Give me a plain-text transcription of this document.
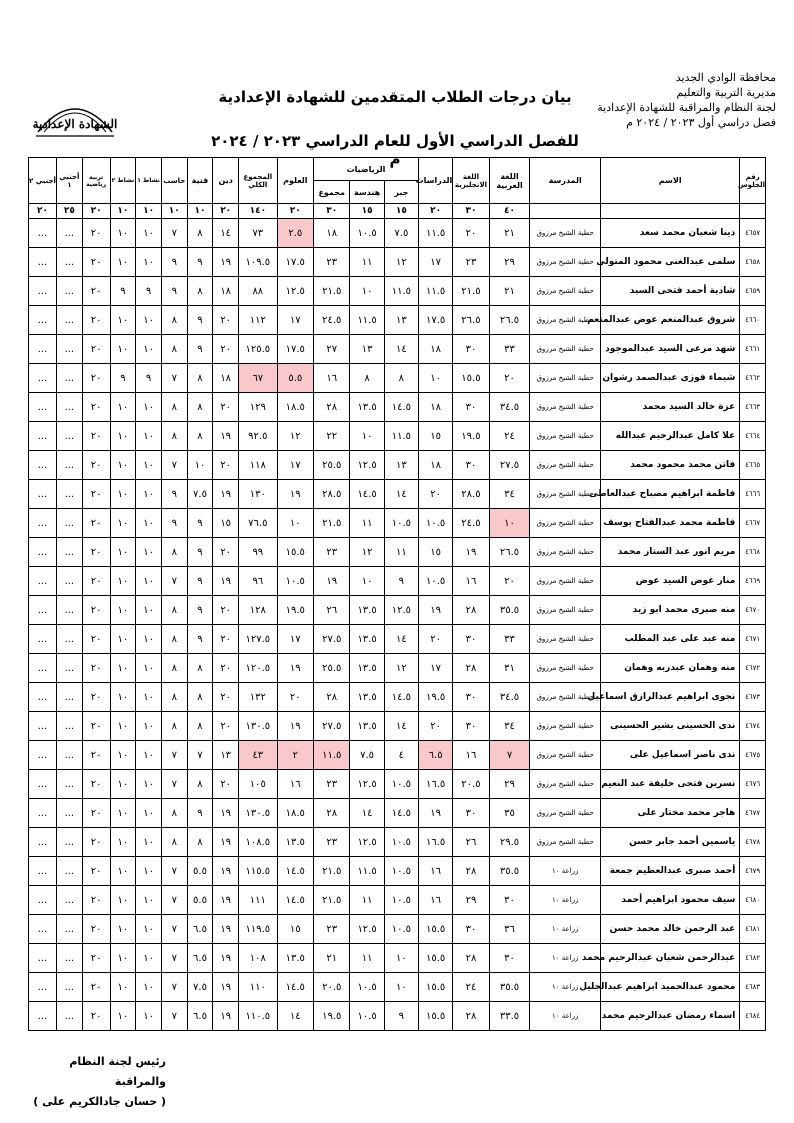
محافظة الوادي الجديد
مديرية التربية والتعليم
لجنة النظام والمراقبة للشهادة الإعدادية
فصل دراسي أول ٢٠٢٣ / ٢٠٢٤ م
بيان درجات الطلاب المتقدمين للشهادة الإعدادية
للفصل الدراسي الأول للعام الدراسي ٢٠٢٣ / ٢٠٢٤ م
الشهادة الإعدادية
رقم الجلوس	الاسم	المدرسة	اللغة العربية	اللغة الانجليزية	الدراسات	الرياضيات			العلوم	المجموع الكلي	دين	فنية	حاسب	نشاط ١	نشاط ٢	تربية رياضية	أجنبي ١	أجنبي ٢
						جبر	هندسة	مجموع										
			٤٠	٣٠	٢٠	١٥	١٥	٣٠	٢٠	١٤٠	٢٠	١٠	١٠	١٠	١٠	٢٠	٢٥	٢٠
٤٦٥٧	دينا شعبان محمد سعد	حطية الشيخ مرزوق	٢١	٢٠	١١.٥	٧.٥	١٠.٥	١٨	٢.٥	٧٣	١٤	٨	٧	١٠	١٠	٢٠	...	...
٤٦٥٨	سلمى عبدالغنى محمود المتولى	حطية الشيخ مرزوق	٢٩	٢٣	١٧	١٢	١١	٢٣	١٧.٥	١٠٩.٥	١٩	٩	٩	١٠	١٠	٢٠	...	...
٤٦٥٩	شادية أحمد فتحى السيد	حطية الشيخ مرزوق	٢١	٢١.٥	١١.٥	١١.٥	١٠	٢١.٥	١٢.٥	٨٨	١٨	٨	٩	٩	٩	٢٠	...	...
٤٦٦٠	شروق عبدالمنعم عوض عبدالمنعم	حطية الشيخ مرزوق	٢٦.٥	٢٦.٥	١٧.٥	١٣	١١.٥	٢٤.٥	١٧	١١٢	٢٠	٩	٨	١٠	١٠	٢٠	...	...
٤٦٦١	شهد مرعى السيد عبدالموجود	حطية الشيخ مرزوق	٣٣	٣٠	١٨	١٤	١٣	٢٧	١٧.٥	١٢٥.٥	٢٠	٩	٨	١٠	١٠	٢٠	...	...
٤٦٦٢	شيماء فوزى عبدالصمد رشوان	حطية الشيخ مرزوق	٢٠	١٥.٥	١٠	٨	٨	١٦	٥.٥	٦٧	١٨	٨	٧	٩	٩	٢٠	...	...
٤٦٦٣	عزة خالد السيد محمد	حطية الشيخ مرزوق	٣٤.٥	٣٠	١٨	١٤.٥	١٣.٥	٢٨	١٨.٥	١٢٩	٢٠	٨	٨	١٠	١٠	٢٠	...	...
٤٦٦٤	علا كامل عبدالرحيم عبدالله	حطية الشيخ مرزوق	٢٤	١٩.٥	١٥	١١.٥	١٠	٢٢	١٢	٩٢.٥	١٩	٨	٨	١٠	١٠	٢٠	...	...
٤٦٦٥	فاتن محمد محمود محمد	حطية الشيخ مرزوق	٢٧.٥	٣٠	١٨	١٣	١٢.٥	٢٥.٥	١٧	١١٨	٢٠	١٠	٧	١٠	١٠	٢٠	...	...
٤٦٦٦	فاطمة ابراهيم مصباح عبدالعاطى	حطية الشيخ مرزوق	٣٤	٢٨.٥	٢٠	١٤	١٤.٥	٢٨.٥	١٩	١٣٠	١٩	٧.٥	٩	١٠	١٠	٢٠	...	...
٤٦٦٧	فاطمة محمد عبدالفتاح يوسف	حطية الشيخ مرزوق	١٠	٢٤.٥	١٠.٥	١٠.٥	١١	٢١.٥	١٠	٧٦.٥	١٥	٩	٩	١٠	١٠	٢٠	...	...
٤٦٦٨	مريم انور عبد الستار محمد	حطية الشيخ مرزوق	٢٦.٥	١٩	١٥	١١	١٢	٢٣	١٥.٥	٩٩	٢٠	٩	٨	١٠	١٠	٢٠	...	...
٤٦٦٩	منار عوض السيد عوض	حطية الشيخ مرزوق	٢٠	١٦	١٠.٥	٩	١٠	١٩	١٠.٥	٩٦	١٩	٩	٧	١٠	١٠	٢٠	...	...
٤٦٧٠	منه صبرى محمد ابو زيد	حطية الشيخ مرزوق	٣٥.٥	٢٨	١٩	١٢.٥	١٣.٥	٢٦	١٩.٥	١٢٨	٢٠	٩	٨	١٠	١٠	٢٠	...	...
٤٦٧١	منه عبد على عبد المطلب	حطية الشيخ مرزوق	٣٣	٣٠	٢٠	١٤	١٣.٥	٢٧.٥	١٧	١٢٧.٥	٢٠	٩	٨	١٠	١٠	٢٠	...	...
٤٦٧٢	منه وهمان عبدربه وهمان	حطية الشيخ مرزوق	٣١	٢٨	١٧	١٢	١٣.٥	٢٥.٥	١٩	١٢٠.٥	٢٠	٨	٨	١٠	١٠	٢٠	...	...
٤٦٧٣	نجوى ابراهيم عبدالرازق اسماعيل	حطية الشيخ مرزوق	٣٤.٥	٣٠	١٩.٥	١٤.٥	١٣.٥	٢٨	٢٠	١٣٢	٢٠	٨	٨	١٠	١٠	٢٠	...	...
٤٦٧٤	ندى الحسينى بشير الحسينى	حطية الشيخ مرزوق	٣٤	٣٠	٢٠	١٤	١٣.٥	٢٧.٥	١٩	١٣٠.٥	٢٠	٨	٨	١٠	١٠	٢٠	...	...
٤٦٧٥	ندى ناصر اسماعيل على	حطية الشيخ مرزوق	٧	١٦	٦.٥	٤	٧.٥	١١.٥	٢	٤٣	١٣	٧	٧	١٠	١٠	٢٠	...	...
٤٦٧٦	نسرين فتحى خليفة عبد النعيم	حطية الشيخ مرزوق	٢٩	٢٠.٥	١٦.٥	١٠.٥	١٢.٥	٢٣	١٦	١٠٥	٢٠	٨	٧	١٠	١٠	٢٠	...	...
٤٦٧٧	هاجر محمد مختار على	حطية الشيخ مرزوق	٣٥	٣٠	١٩	١٤.٥	١٤	٢٨	١٨.٥	١٣٠.٥	١٩	٩	٨	١٠	١٠	٢٠	...	...
٤٦٧٨	ياسمين أحمد جابر حسن	حطية الشيخ مرزوق	٢٩.٥	٢٦	١٦.٥	١٠.٥	١٢.٥	٢٣	١٣.٥	١٠٨.٥	١٩	٨	٨	١٠	١٠	٢٠	...	...
٤٦٧٩	أحمد صبرى عبدالعظيم جمعة	زراعة ١٠	٣٥.٥	٢٨	١٦	١٠.٥	١١.٥	٢١.٥	١٤.٥	١١٥.٥	١٩	٥.٥	٧	١٠	١٠	٢٠	...	...
٤٦٨٠	سيف محمود ابراهيم أحمد	زراعة ١٠	٣٠	٢٩	١٦	١٠.٥	١١	٢١.٥	١٤.٥	١١١	١٩	٥.٥	٧	١٠	١٠	٢٠	...	...
٤٦٨١	عبد الرحمن خالد محمد حسن	زراعة ١٠	٣٦	٣٠	١٥.٥	١٠.٥	١٢.٥	٢٣	١٥	١١٩.٥	١٩	٦.٥	٧	١٠	١٠	٢٠	...	...
٤٦٨٢	عبدالرحمن شعبان عبدالرحيم محمد	زراعة ١٠	٣٠	٢٨	١٥.٥	١٠	١١	٢١	١٣.٥	١٠٨	١٩	٦.٥	٧	١٠	١٠	٢٠	...	...
٤٦٨٣	محمود عبدالحميد ابراهيم عبدالجليل	زراعة ١٠	٣٥.٥	٢٤	١٥.٥	١٠	١٠.٥	٢٠.٥	١٤.٥	١١٠	١٩	٧.٥	٧	١٠	١٠	٢٠	...	...
٤٦٨٤	اسماء رمضان عبدالرحيم محمد	زراعة ١٠	٣٣.٥	٢٨	١٥.٥	٩	١٠.٥	١٩.٥	١٤	١١٠.٥	١٩	٦.٥	٧	١٠	١٠	٢٠	...	...
رئيس لجنة النظام والمراقبة
( حسان جادالكريم على )
